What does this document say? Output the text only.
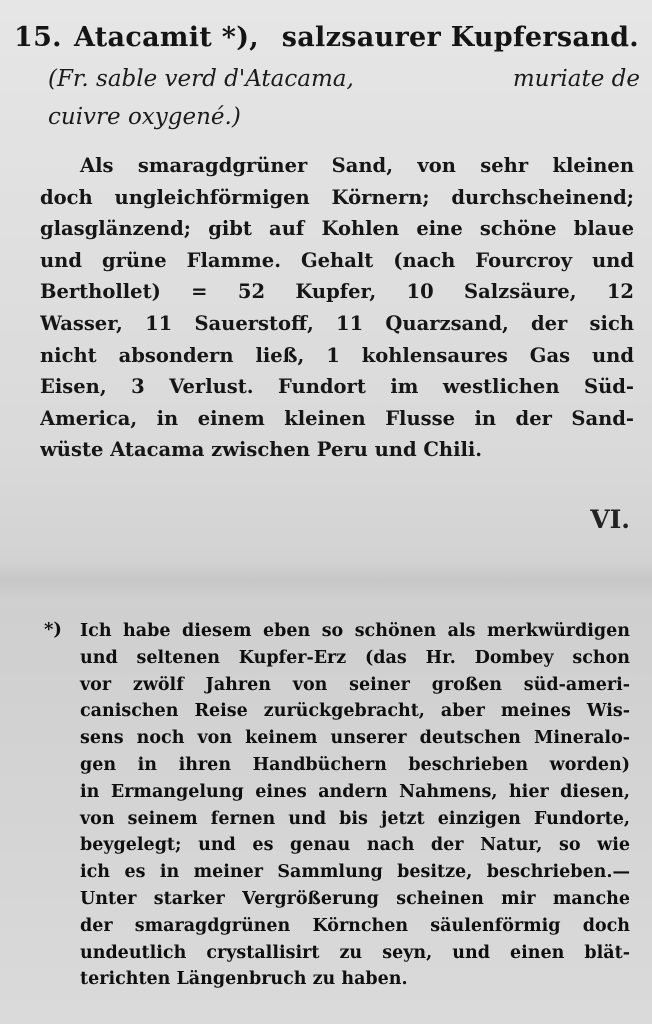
15. Atacamit *), salzsaurer Kupfersand.
(Fr. sable verd d'Atacama,	muriate de
cuivre oxygené.)
Als smaragdgrüner Sand, von sehr kleinen
doch ungleichförmigen Körnern; durchscheinend;
glasglänzend; gibt auf Kohlen eine schöne blaue
und grüne Flamme. Gehalt (nach Fourcroy und
Berthollet) = 52 Kupfer, 10 Salzsäure, 12
Wasser, 11 Sauerstoff, 11 Quarzsand, der sich
nicht absondern ließ, 1 kohlensaures Gas und
Eisen, 3 Verlust. Fundort im westlichen Süd-
America, in einem kleinen Flusse in der Sand-
wüste Atacama zwischen Peru und Chili.
VI.
*)	Ich habe diesem eben so schönen als merkwürdigen
und seltenen Kupfer-Erz (das Hr. Dombey schon
vor zwölf Jahren von seiner großen süd-ameri-
canischen Reise zurückgebracht, aber meines Wis-
sens noch von keinem unserer deutschen Mineralo-
gen in ihren Handbüchern beschrieben worden)
in Ermangelung eines andern Nahmens, hier diesen,
von seinem fernen und bis jetzt einzigen Fundorte,
beygelegt; und es genau nach der Natur, so wie
ich es in meiner Sammlung besitze, beschrieben.—
Unter starker Vergrößerung scheinen mir manche
der smaragdgrünen Körnchen säulenförmig doch
undeutlich crystallisirt zu seyn, und einen blät-
terichten Längenbruch zu haben.
